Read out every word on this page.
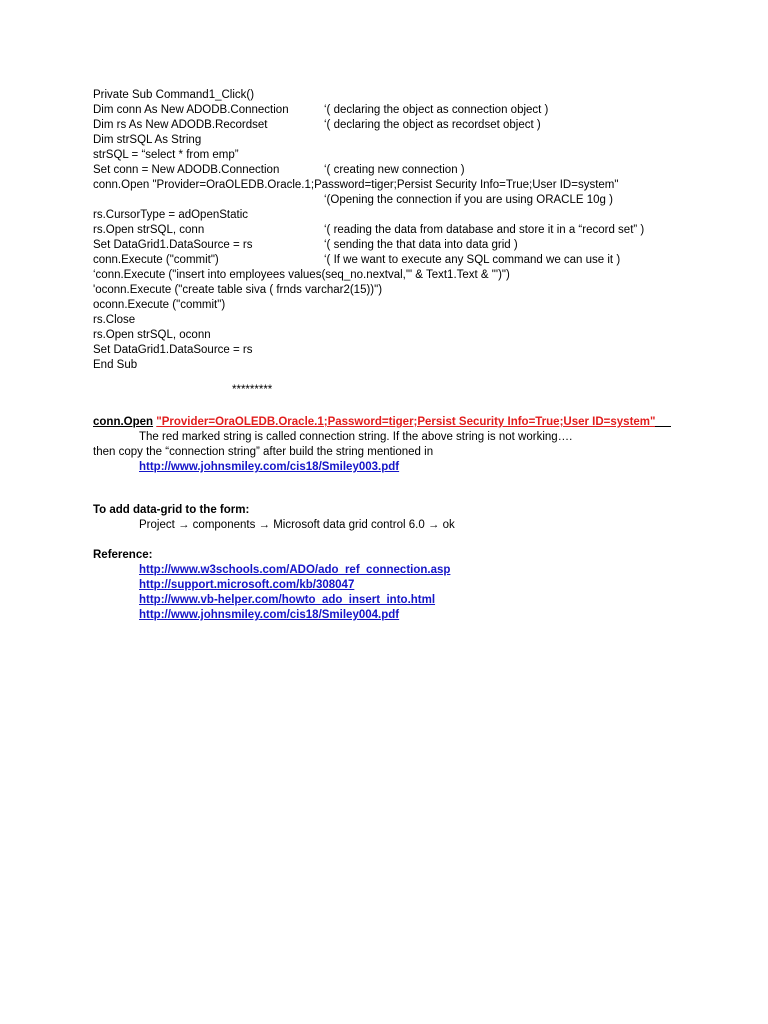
Private Sub Command1_Click()
Dim conn As New ADODB.Connection	‘( declaring the object as connection object )
Dim rs As New ADODB.Recordset	‘( declaring the object as recordset object )
Dim strSQL As String
strSQL = “select * from emp”
Set conn = New ADODB.Connection	‘( creating new connection )
conn.Open "Provider=OraOLEDB.Oracle.1;Password=tiger;Persist Security Info=True;User ID=system"
‘(Opening the connection if you are using ORACLE 10g )
rs.CursorType = adOpenStatic
rs.Open strSQL, conn	‘( reading the data from database and store it in a “record set” )
Set DataGrid1.DataSource = rs	‘( sending the that data into data grid )
conn.Execute ("commit")	‘( If we want to execute any SQL command we can use it )
‘conn.Execute ("insert into employees values(seq_no.nextval,'" & Text1.Text & "')")
'oconn.Execute ("create table siva ( frnds varchar2(15))")
oconn.Execute ("commit")
rs.Close
rs.Open strSQL, oconn
Set DataGrid1.DataSource = rs
End Sub
*********
conn.Open "Provider=OraOLEDB.Oracle.1;Password=tiger;Persist Security Info=True;User ID=system"
The red marked string is called connection string. If the above string is not working….
then copy the “connection string” after build the string mentioned in
http://www.johnsmiley.com/cis18/Smiley003.pdf
To add data-grid to the form:
Project → components → Microsoft data grid control 6.0 → ok
Reference:
http://www.w3schools.com/ADO/ado_ref_connection.asp
http://support.microsoft.com/kb/308047
http://www.vb-helper.com/howto_ado_insert_into.html
http://www.johnsmiley.com/cis18/Smiley004.pdf
